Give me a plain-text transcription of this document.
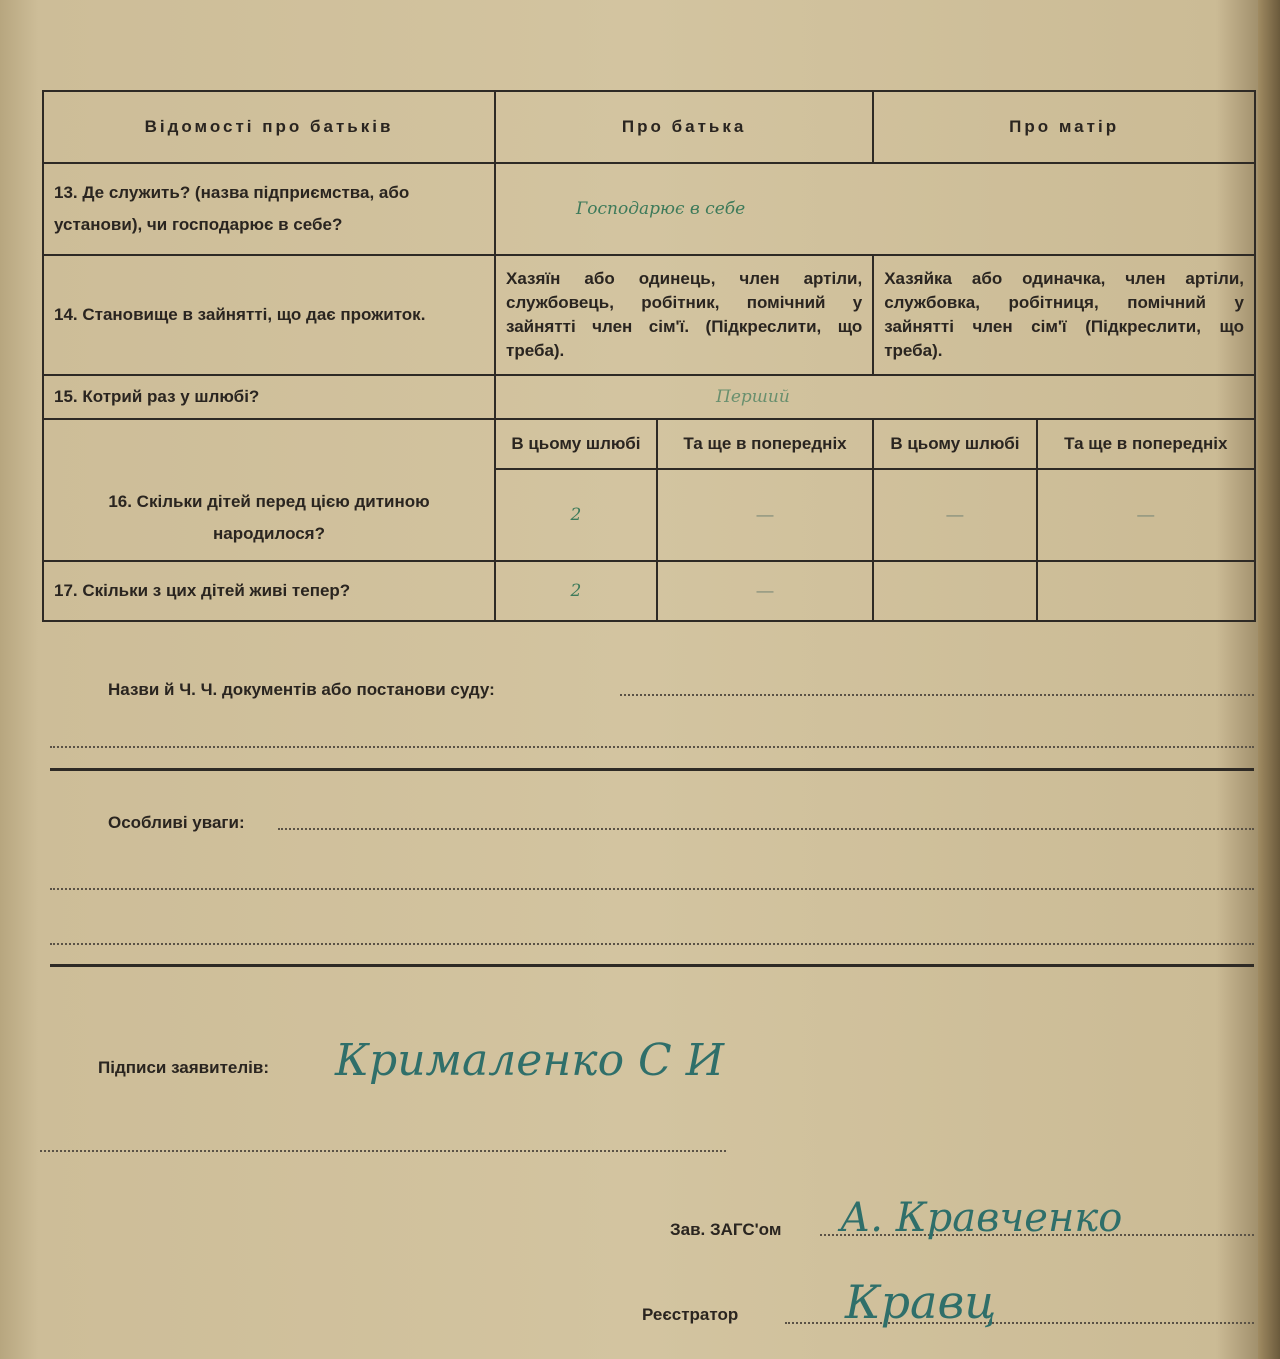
Відомості про батьків	Про батька		Про матір	
13. Де служить? (назва підприємства, або установи), чи господарює в себе?	Господарює в себе			
14. Становище в зайнятті, що дає прожиток.	Хазяїн або одинець, член артіли, службовець, робітник, помічний у зайнятті член сім'ї. (Підкреслити, що треба).		Хазяйка або одиначка, член артіли, службовка, робітниця, помічний у зайнятті член сім'ї (Підкреслити, що треба).	
15. Котрий раз у шлюбі?	Перший			
16. Скільки дітей перед цією дитиною народилося?	В цьому шлюбі	Та ще в попередніх	В цьому шлюбі	Та ще в попередніх
	2	—	—	—
17. Скільки з цих дітей живі тепер?	2	—		
Назви й Ч. Ч. документів або постанови суду:
Особливі уваги:
Підписи заявителів: Крималенко С И
Зав. ЗАГС'ом А. Кравченко
Реєстратор Кравц
